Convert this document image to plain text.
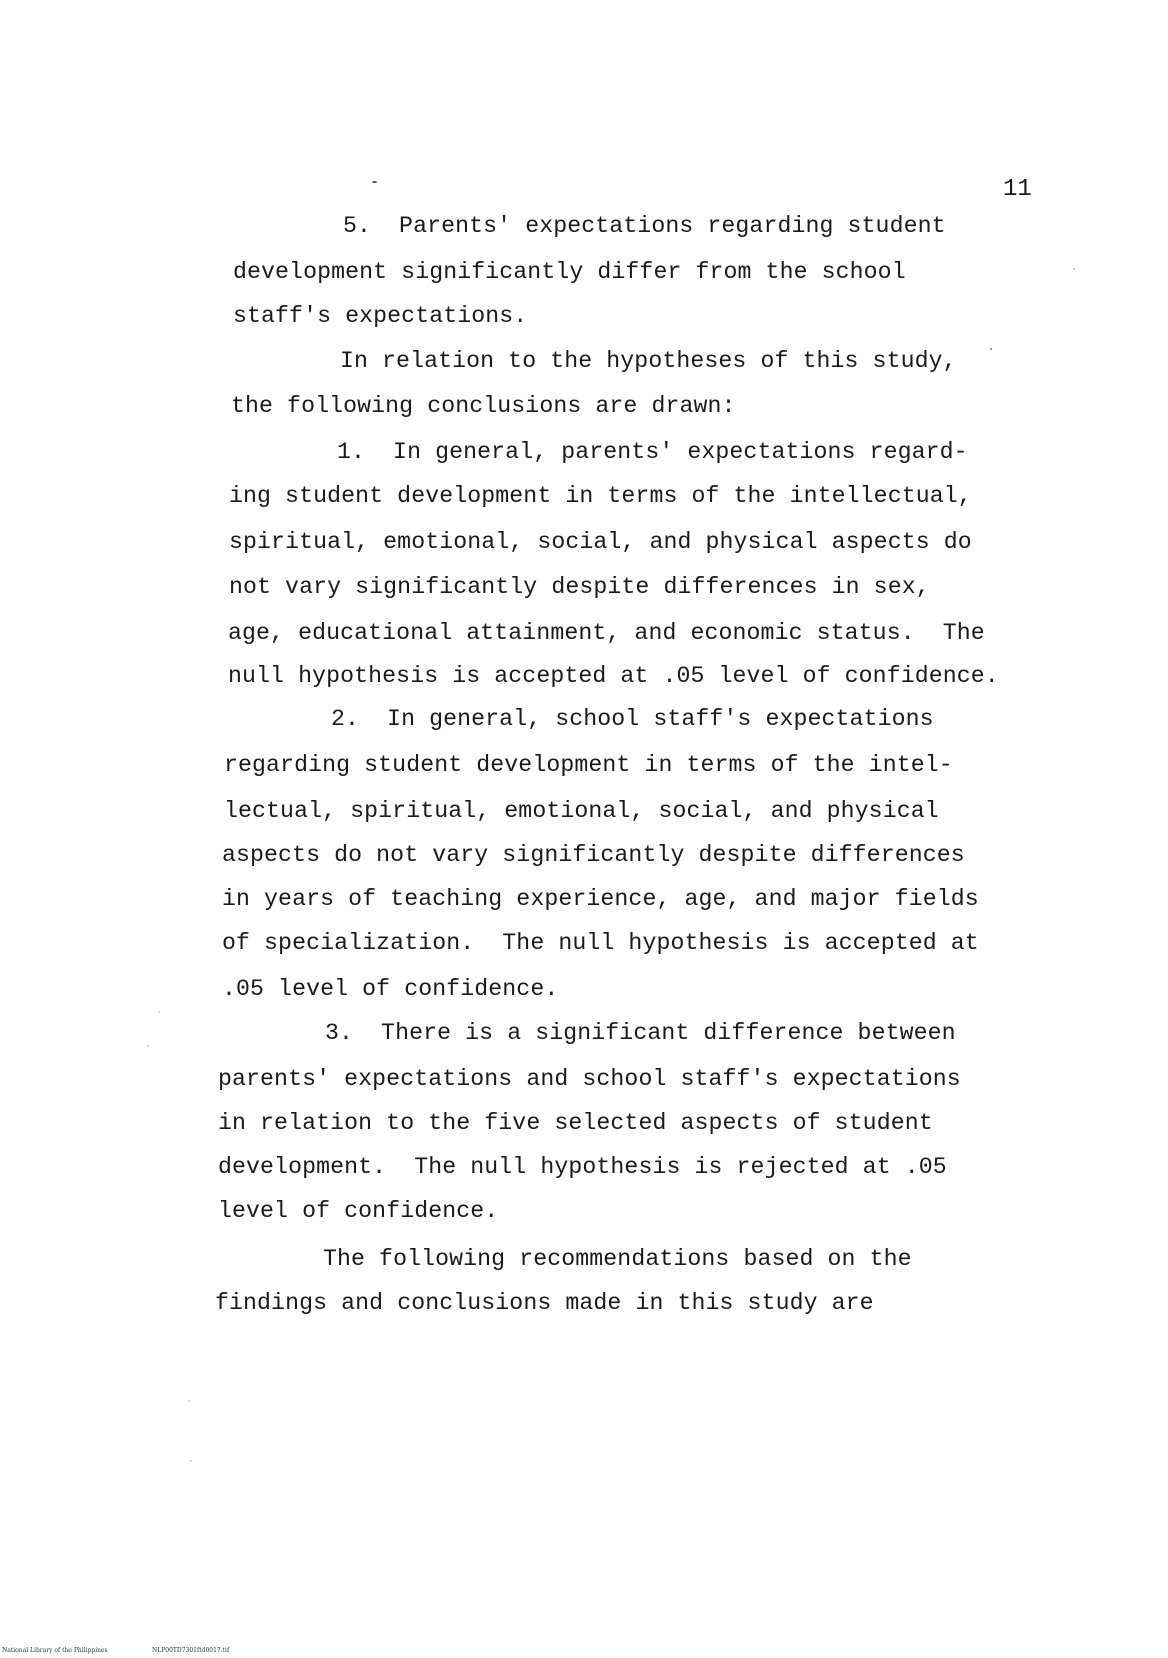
11
5.  Parents' expectations regarding student
development significantly differ from the school
staff's expectations.
In relation to the hypotheses of this study,
the following conclusions are drawn:
1.  In general, parents' expectations regard-
ing student development in terms of the intellectual,
spiritual, emotional, social, and physical aspects do
not vary significantly despite differences in sex,
age, educational attainment, and economic status.  The
null hypothesis is accepted at .05 level of confidence.
2.  In general, school staff's expectations
regarding student development in terms of the intel-
lectual, spiritual, emotional, social, and physical
aspects do not vary significantly despite differences
in years of teaching experience, age, and major fields
of specialization.  The null hypothesis is accepted at
.05 level of confidence.
3.  There is a significant difference between
parents' expectations and school staff's expectations
in relation to the five selected aspects of student
development.  The null hypothesis is rejected at .05
level of confidence.
The following recommendations based on the
findings and conclusions made in this study are
National Library of the Philippines	NLP00TD7301ftd0017.tif
